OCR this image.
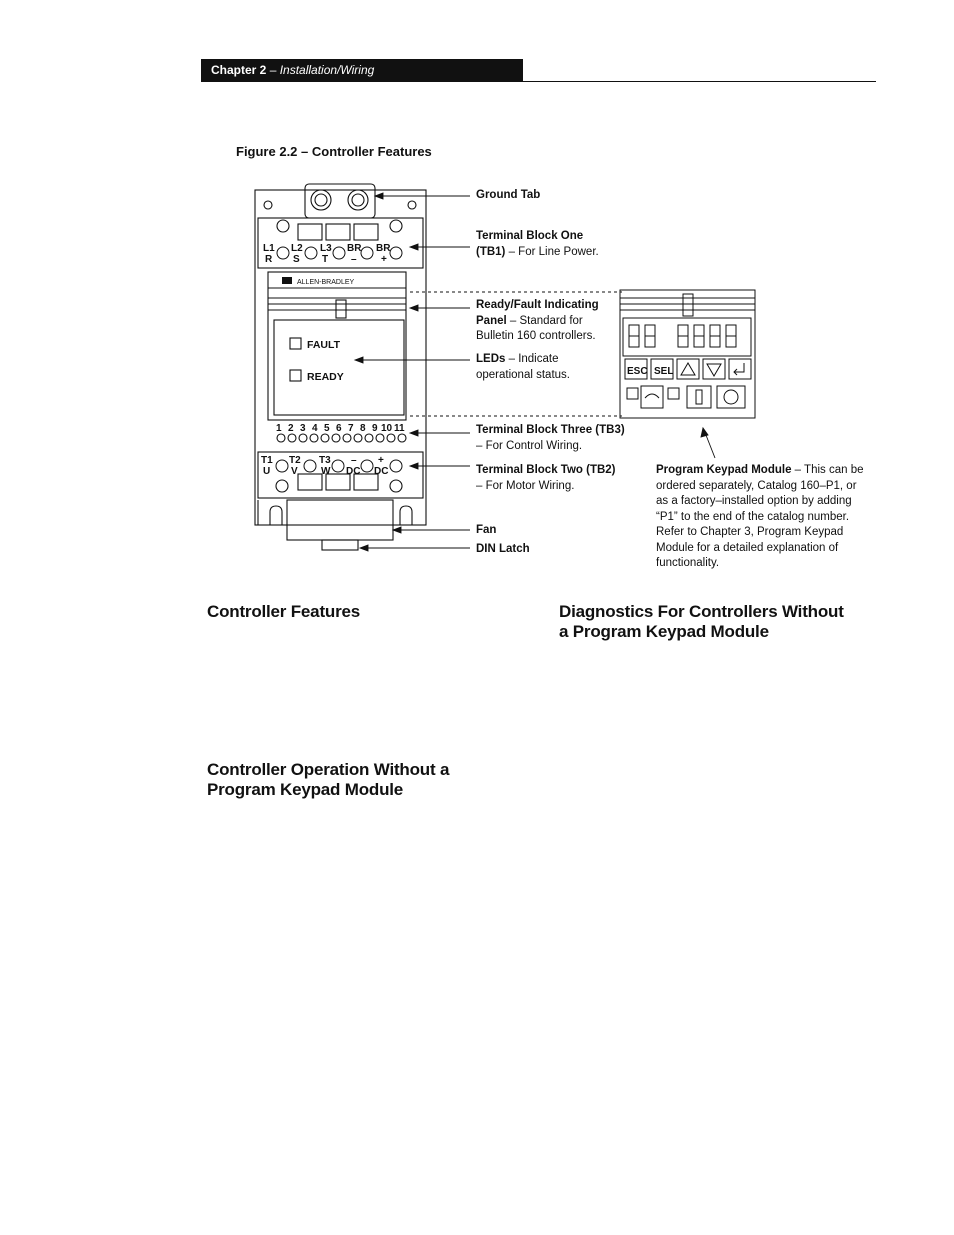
Chapter 2 – Installation/Wiring
Figure 2.2 – Controller Features
L1
R
L2
S
L3
T
BR
–
BR
+
T1
U
T2
V
T3
W
–
DC
+
DC
1 2 3 4 5 6 7 8 9 10 11
ALLEN-BRADLEY
FAULT
READY	ESC SEL
Ground Tab
Terminal Block One (TB1) – For Line Power.
Ready/Fault Indicating Panel – Standard for Bulletin 160 controllers.
LEDs – Indicate operational status.
Terminal Block Three (TB3)
– For Control Wiring.
Terminal Block Two (TB2)
– For Motor Wiring.
Fan
DIN Latch
Program Keypad Module – This can be ordered separately, Catalog 160–P1, or as a factory–installed option by adding “P1” to the end of the catalog number. Refer to Chapter 3, Program Keypad Module for a detailed explanation of functionality.
Controller Features	Diagnostics For Controllers Without a Program Keypad Module
Controller Operation Without a Program Keypad Module
